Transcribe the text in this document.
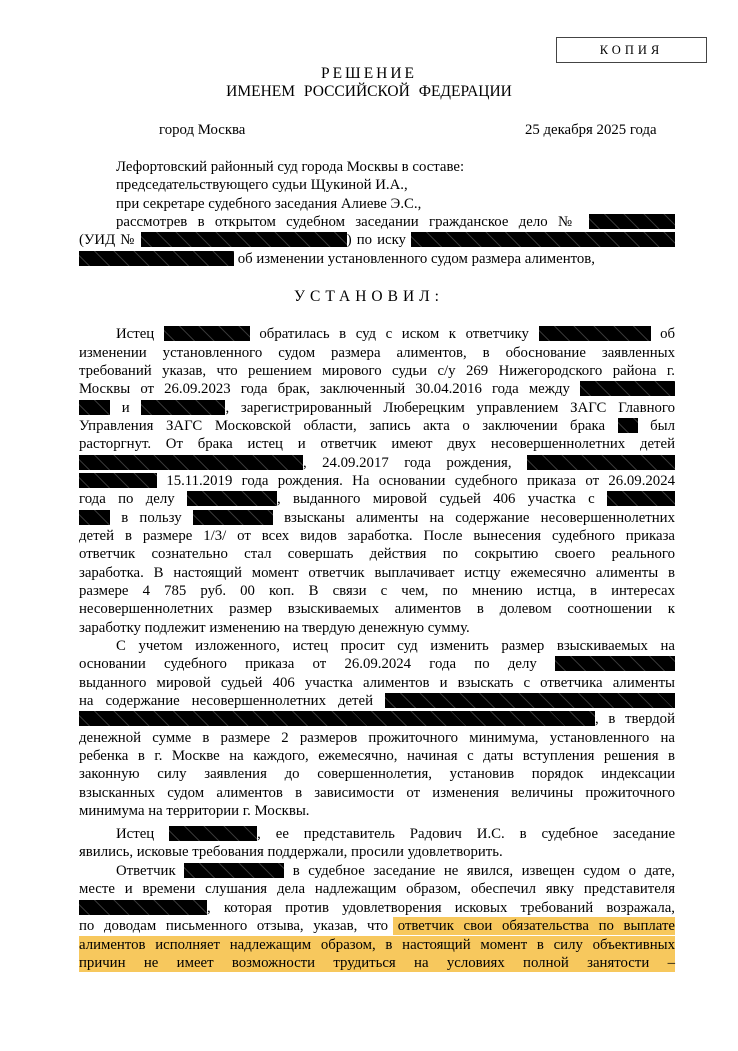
КОПИЯ
РЕШЕНИЕ
ИМЕНЕМ РОССИЙСКОЙ ФЕДЕРАЦИИ
город Москва	25 декабря 2025 года
Лефортовский районный суд города Москвы в составе:
председательствующего судьи Щукиной И.А.,
при секретаре судебного заседания Алиеве Э.С.,
рассмотрев в открытом судебном заседании гражданское дело №
(УИД №	) по иску
об изменении установленного судом размера алиментов,
УСТАНОВИЛ:
Истец	обратилась в суд с иском к ответчику	об
изменении установленного судом размера алиментов, в обоснование заявленных
требований указав, что решением мирового судьи с/у 269 Нижегородского района г.
Москвы от 26.09.2023 года брак, заключенный 30.04.2016 года между
и	, зарегистрированный Люберецким управлением ЗАГС Главного
Управления ЗАГС Московской области, запись акта о заключении брака	был
расторгнут. От брака истец и ответчик имеют двух несовершеннолетних детей
, 24.09.2017 года рождения,
15.11.2019 года рождения. На основании судебного приказа от 26.09.2024
года по делу	, выданного мировой судьей 406 участка с
в пользу	взысканы алименты на содержание несовершеннолетних
детей в размере 1/3/ от всех видов заработка. После вынесения судебного приказа
ответчик сознательно стал совершать действия по сокрытию своего реального
заработка. В настоящий момент ответчик выплачивает истцу ежемесячно алименты в
размере 4 785 руб. 00 коп. В связи с чем, по мнению истца, в интересах
несовершеннолетних размер взыскиваемых алиментов в долевом соотношении к
заработку подлежит изменению на твердую денежную сумму.
С учетом изложенного, истец просит суд изменить размер взыскиваемых на
основании судебного приказа от 26.09.2024 года по делу
выданного мировой судьей 406 участка алиментов и взыскать с ответчика алименты
на содержание несовершеннолетних детей
, в твердой
денежной сумме в размере 2 размеров прожиточного минимума, установленного на
ребенка в г. Москве на каждого, ежемесячно, начиная с даты вступления решения в
законную силу заявления до совершеннолетия, установив порядок индексации
взысканных судом алиментов в зависимости от изменения величины прожиточного
минимума на территории г. Москвы.
Истец	, ее представитель Радович И.С. в судебное заседание
явились, исковые требования поддержали, просили удовлетворить.
Ответчик	в судебное заседание не явился, извещен судом о дате,
месте и времени слушания дела надлежащим образом, обеспечил явку представителя
, которая против удовлетворения исковых требований возражала,
по доводам письменного отзыва, указав, что ответчик свои обязательства по выплате
алиментов исполняет надлежащим образом, в настоящий момент в силу объективных
причин не имеет возможности трудиться на условиях полной занятости –
